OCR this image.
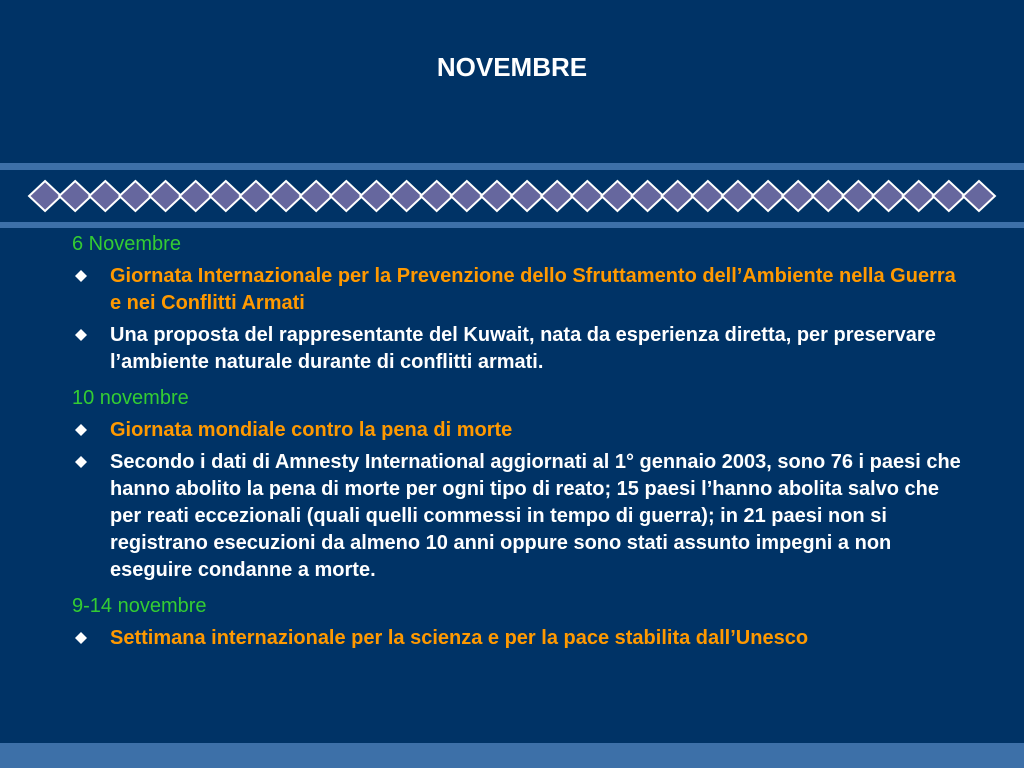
NOVEMBRE

6 Novembre

Giornata Internazionale per la Prevenzione dello Sfruttamento dell’Ambiente nella Guerra e nei Conflitti Armati

Una proposta del rappresentante del Kuwait, nata da esperienza diretta, per preservare l’ambiente naturale durante di conflitti armati.

10 novembre

Giornata mondiale contro la pena di morte

Secondo i dati di Amnesty International aggiornati al 1° gennaio 2003, sono 76 i paesi che hanno abolito la pena di morte per ogni tipo di reato; 15 paesi l’hanno abolita salvo che per reati eccezionali (quali quelli commessi in tempo di guerra); in 21 paesi non si registrano esecuzioni da almeno 10 anni oppure sono stati assunto impegni a non eseguire condanne a morte.

9-14 novembre

Settimana internazionale per la scienza e per la pace stabilita dall’Unesco
